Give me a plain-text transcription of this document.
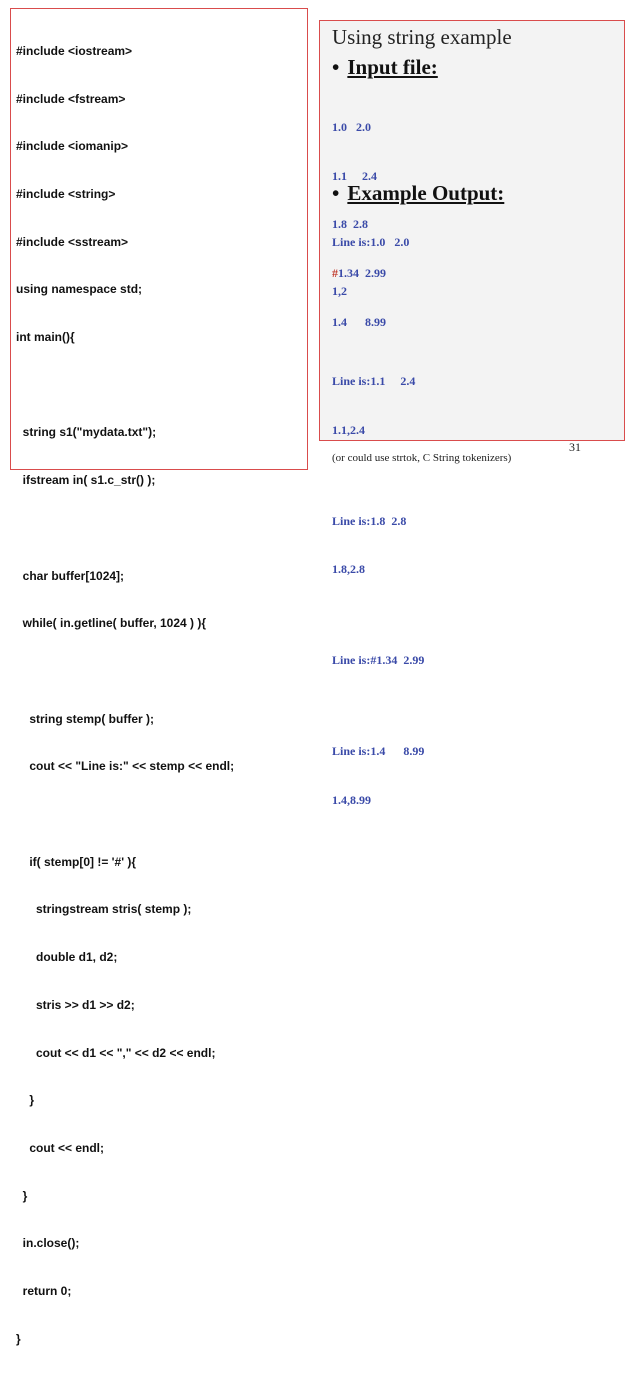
#include <iostream>

#include <fstream>

#include <iomanip>

#include <string>

#include <sstream>

using namespace std;

int main(){

string s1("mydata.txt");

ifstream in( s1.c_str() );

char buffer[1024];

while( in.getline( buffer, 1024 ) ){

string stemp( buffer );

cout << "Line is:" << stemp << endl;

if( stemp[0] != '#' ){

stringstream stris( stemp );

double d1, d2;

stris >> d1 >> d2;

cout << d1 << "," << d2 << endl;

}

cout << endl;

}

in.close();

return 0;

}

Using string example
• Input file:

1.0   2.0

1.1     2.4

1.8  2.8

#1.34  2.99

1.4      8.99

• Example Output:

Line is:1.0   2.0

1,2

Line is:1.1     2.4

1.1,2.4

Line is:1.8  2.8

1.8,2.8

Line is:#1.34  2.99

Line is:1.4      8.99

1.4,8.99

31
(or could use strtok, C String tokenizers)
